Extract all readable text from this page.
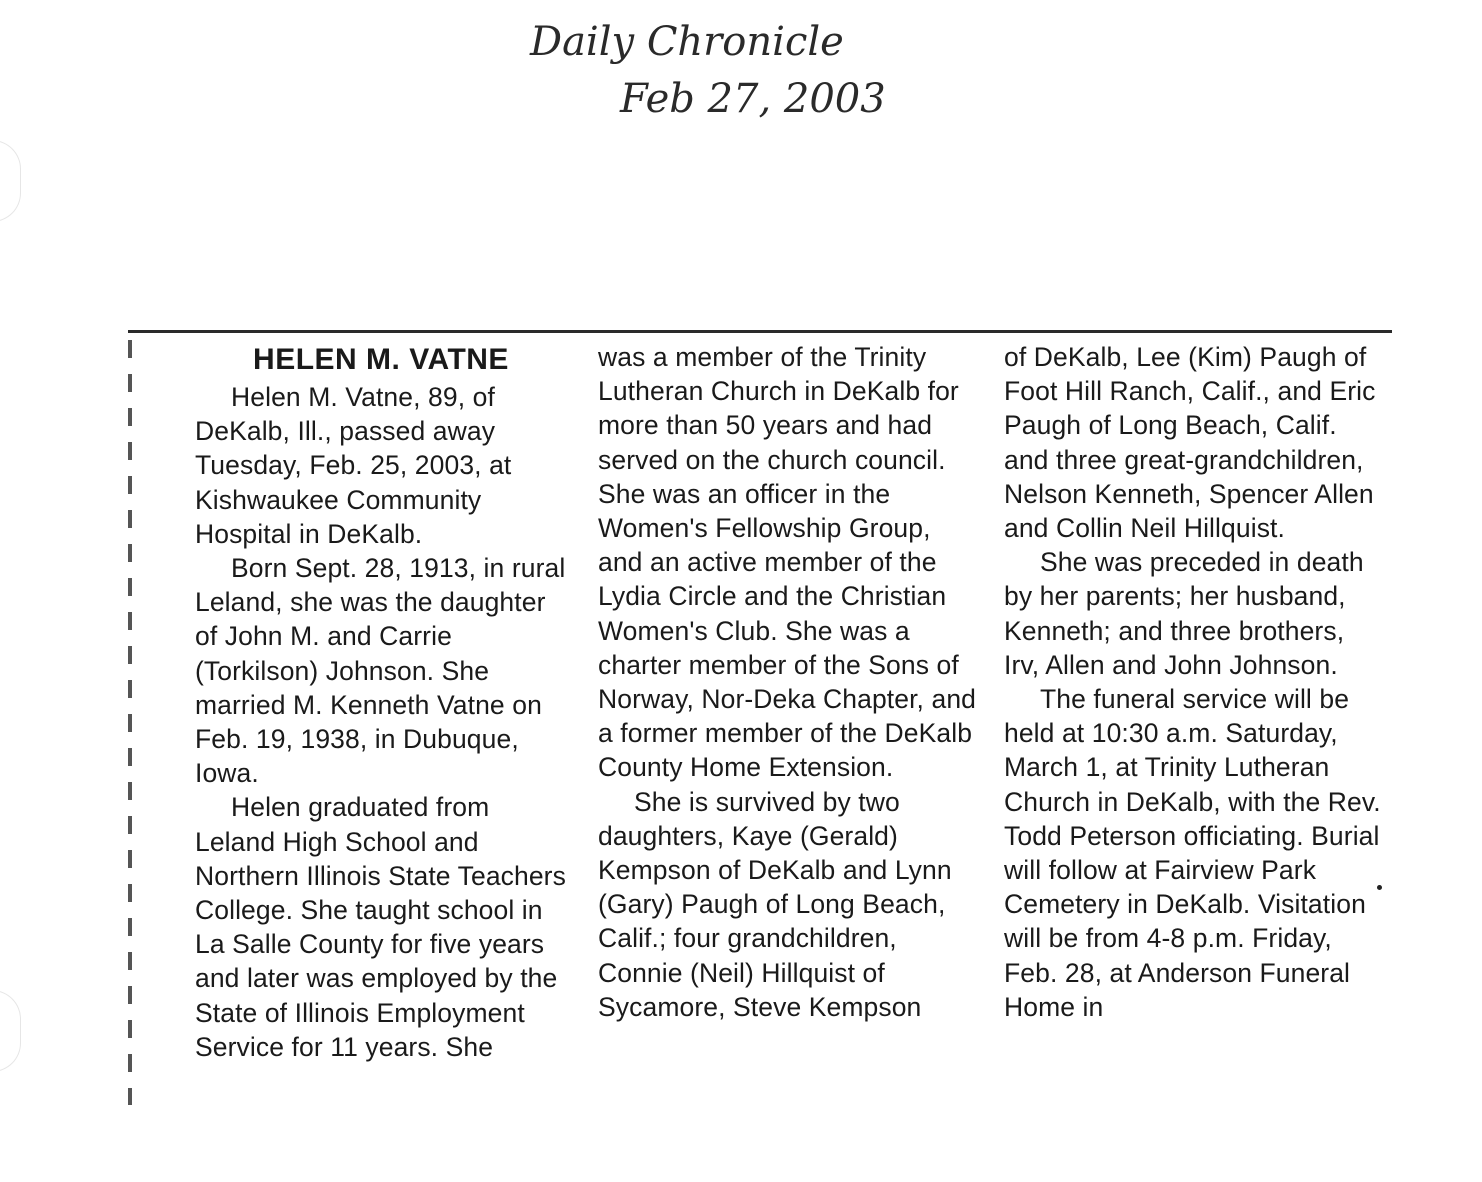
Daily Chronicle
Feb 27, 2003
HELEN M. VATNE

Helen M. Vatne, 89, of DeKalb, Ill., passed away Tuesday, Feb. 25, 2003, at Kishwaukee Community Hospital in DeKalb.

Born Sept. 28, 1913, in rural Leland, she was the daughter of John M. and Carrie (Torkilson) Johnson. She married M. Kenneth Vatne on Feb. 19, 1938, in Dubuque, Iowa.

Helen graduated from Leland High School and Northern Illinois State Teachers College. She taught school in La Salle County for five years and later was employed by the State of Illinois Employment Service for 11 years. She

was a member of the Trinity Lutheran Church in DeKalb for more than 50 years and had served on the church council. She was an officer in the Women's Fellowship Group, and an active member of the Lydia Circle and the Christian Women's Club. She was a charter member of the Sons of Norway, Nor-Deka Chapter, and a former member of the DeKalb County Home Extension.

She is survived by two daughters, Kaye (Gerald) Kempson of DeKalb and Lynn (Gary) Paugh of Long Beach, Calif.; four grandchildren, Connie (Neil) Hillquist of Sycamore, Steve Kempson

of DeKalb, Lee (Kim) Paugh of Foot Hill Ranch, Calif., and Eric Paugh of Long Beach, Calif. and three great-grandchildren, Nelson Kenneth, Spencer Allen and Collin Neil Hillquist.

She was preceded in death by her parents; her husband, Kenneth; and three brothers, Irv, Allen and John Johnson.

The funeral service will be held at 10:30 a.m. Saturday, March 1, at Trinity Lutheran Church in DeKalb, with the Rev. Todd Peterson officiating. Burial will follow at Fairview Park Cemetery in DeKalb. Visitation will be from 4-8 p.m. Friday, Feb. 28, at Anderson Funeral Home in
